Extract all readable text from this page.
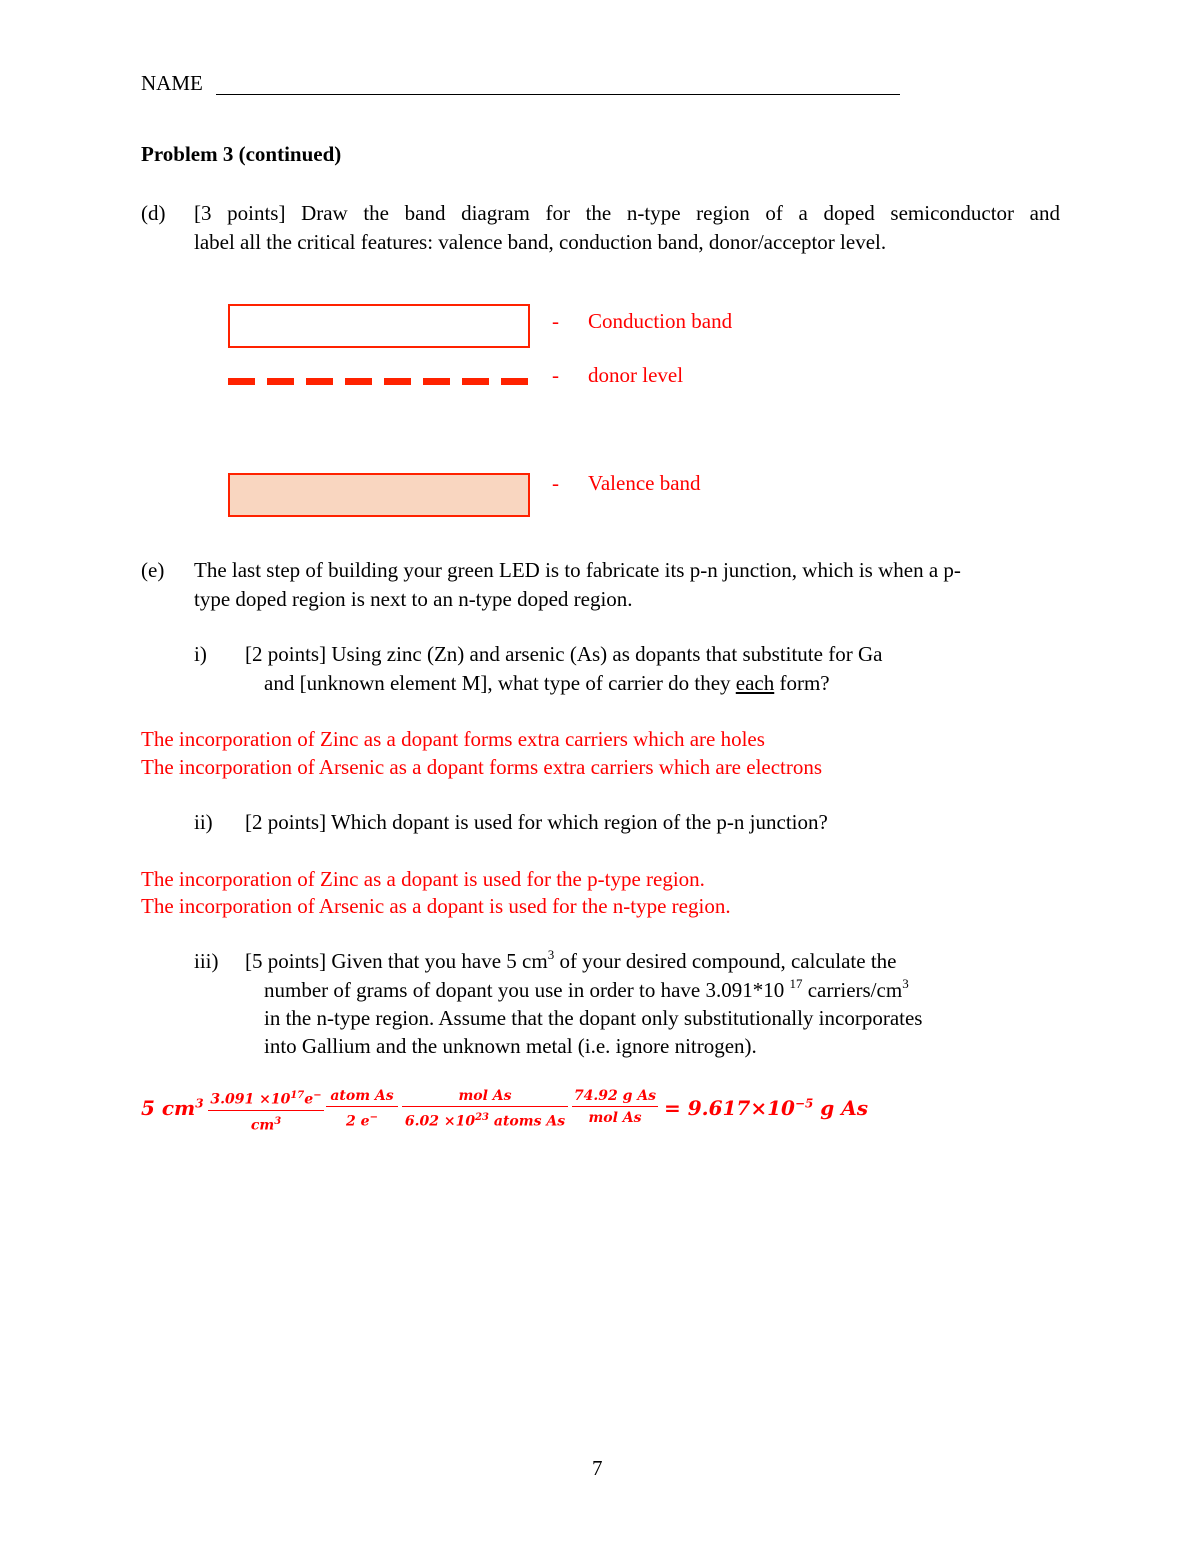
NAME
Problem 3 (continued)
(d) [3 points] Draw the band diagram for the n-type region of a doped semiconductor and
label all the critical features: valence band, conduction band, donor/acceptor level.
- Conduction band
- donor level
- Valence band
(e) The last step of building your green LED is to fabricate its p-n junction, which is when a p-
type doped region is next to an n-type doped region.
i) [2 points] Using zinc (Zn) and arsenic (As) as dopants that substitute for Ga
and [unknown element M], what type of carrier do they each form?
The incorporation of Zinc as a dopant forms extra carriers which are holes
The incorporation of Arsenic as a dopant forms extra carriers which are electrons
ii) [2 points] Which dopant is used for which region of the p-n junction?
The incorporation of Zinc as a dopant is used for the p-type region.
The incorporation of Arsenic as a dopant is used for the n-type region.
iii) [5 points] Given that you have 5 $cm^3$ of your desired compound, calculate the
number of grams of dopant you use in order to have 3.091*10 $^{17}$ carriers/$cm^3$
in the n-type region. Assume that the dopant only substitutionally incorporates
into Gallium and the unknown metal (i.e. ignore nitrogen).
5 $cm^3 \frac{3.091 \times 10^{17}e^-}{cm^3}$ atom As
2 e−
mol As
$6.02 \times 10^{23}$ atoms As
74.92 g As
mol As	= $9.617\times 10^{-5}$ g As
7
